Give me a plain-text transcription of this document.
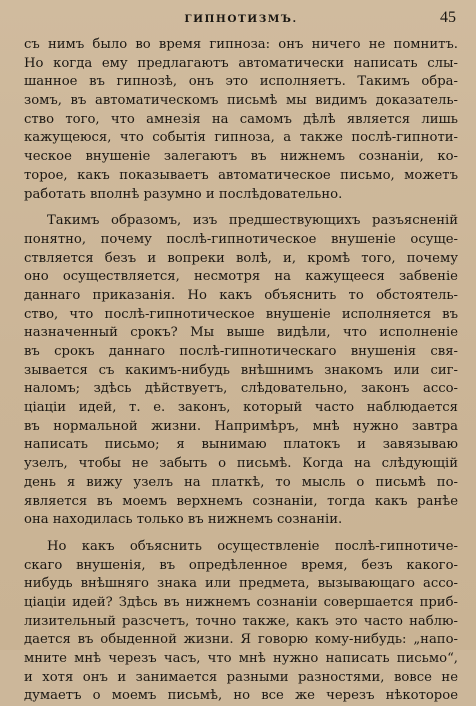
ГИПНОТИЗМЪ.	45
съ нимъ было во время гипноза: онъ ничего не помнитъ.
Но когда ему предлагаютъ автоматически написать слы-
шанное въ гипнозѣ, онъ это исполняетъ. Такимъ обра-
зомъ, въ автоматическомъ письмѣ мы видимъ доказатель-
ство того, что амнезія на самомъ дѣлѣ является лишь
кажущеюся, что событія гипноза, а также послѣ-гипноти-
ческое внушеніе залегаютъ въ нижнемъ сознаніи, ко-
торое, какъ показываетъ автоматическое письмо, можетъ
работать вполнѣ разумно и послѣдовательно.
Такимъ образомъ, изъ предшествующихъ разъясненій
понятно, почему послѣ-гипнотическое внушеніе осуще-
ствляется безъ и вопреки волѣ, и, кромѣ того, почему
оно осуществляется, несмотря на кажущееся забвеніе
даннаго приказанія. Но какъ объяснить то обстоятель-
ство, что послѣ-гипнотическое внушеніе исполняется въ
назначенный срокъ? Мы выше видѣли, что исполненіе
въ срокъ даннаго послѣ-гипнотическаго внушенія свя-
зывается съ какимъ-нибудь внѣшнимъ знакомъ или сиг-
наломъ; здѣсь дѣйствуетъ, слѣдовательно, законъ ассо-
ціаціи идей, т. е. законъ, который часто наблюдается
въ нормальной жизни. Напримѣръ, мнѣ нужно завтра
написать письмо; я вынимаю платокъ и завязываю
узелъ, чтобы не забыть о письмѣ. Когда на слѣдующій
день я вижу узелъ на платкѣ, то мысль о письмѣ по-
является въ моемъ верхнемъ сознаніи, тогда какъ ранѣе
она находилась только въ нижнемъ сознаніи.
Но какъ объяснить осуществленіе послѣ-гипнотиче-
скаго внушенія, въ опредѣленное время, безъ какого-
нибудь внѣшняго знака или предмета, вызывающаго ассо-
ціаціи идей? Здѣсь въ нижнемъ сознаніи совершается приб-
лизительный разсчетъ, точно также, какъ это часто наблю-
дается въ обыденной жизни. Я говорю кому-нибудь: „напо-
мните мнѣ черезъ часъ, что мнѣ нужно написать письмо“,
и хотя онъ и занимается разными разностями, вовсе не
думаетъ о моемъ письмѣ, но все же черезъ нѣкоторое
